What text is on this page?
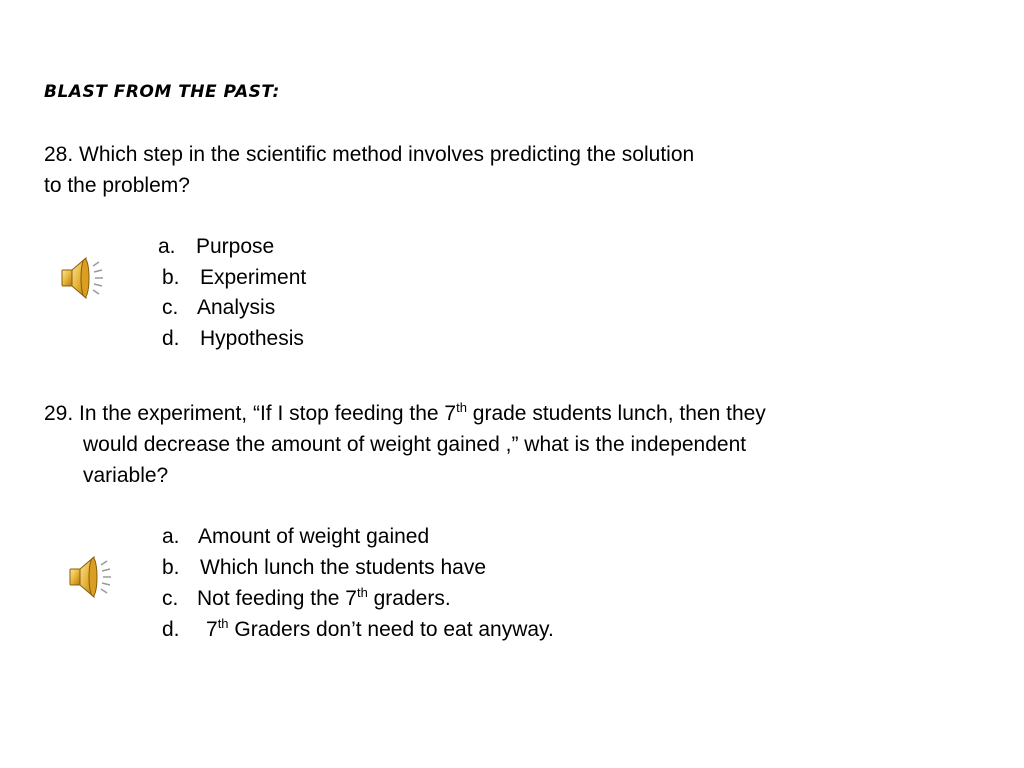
BLAST FROM THE PAST:

28. Which step in the scientific method involves predicting the solution

to the problem?

a. Purpose
b. Experiment
c. Analysis
d. Hypothesis

29. In the experiment, “If I stop feeding the 7th grade students lunch, then they

would decrease the amount of weight gained ,” what is the independent

variable?

a. Amount of weight gained
b. Which lunch the students have
c. Not feeding the 7th graders.
d. 7th Graders don’t need to eat anyway.
